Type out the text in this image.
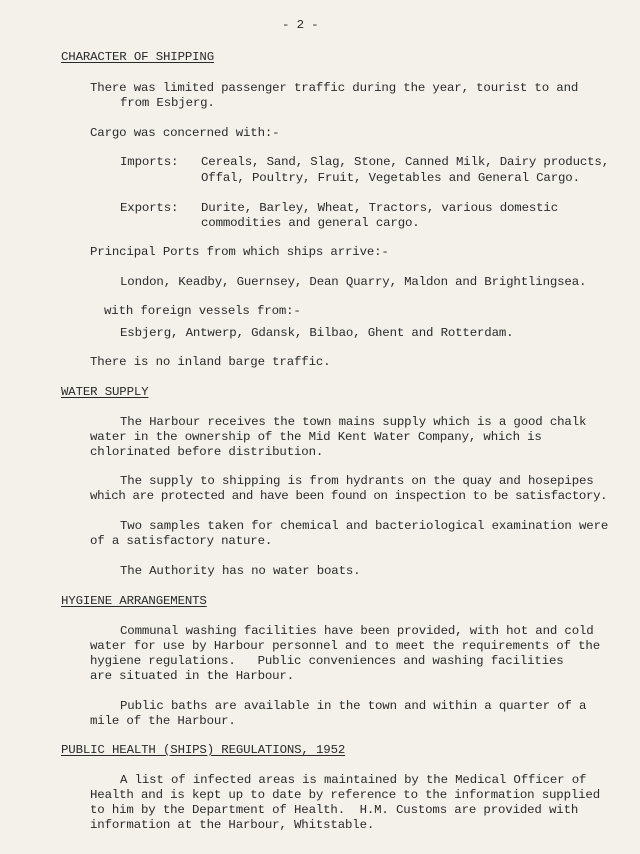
- 2 -
CHARACTER OF SHIPPING
There was limited passenger traffic during the year, tourist to and
from Esbjerg.
Cargo was concerned with:-
Imports: Cereals, Sand, Slag, Stone, Canned Milk, Dairy products,
Offal, Poultry, Fruit, Vegetables and General Cargo.
Exports: Durite, Barley, Wheat, Tractors, various domestic
commodities and general cargo.
Principal Ports from which ships arrive:-
London, Keadby, Guernsey, Dean Quarry, Maldon and Brightlingsea.
with foreign vessels from:-
Esbjerg, Antwerp, Gdansk, Bilbao, Ghent and Rotterdam.
There is no inland barge traffic.
WATER SUPPLY
The Harbour receives the town mains supply which is a good chalk
water in the ownership of the Mid Kent Water Company, which is
chlorinated before distribution.
The supply to shipping is from hydrants on the quay and hosepipes
which are protected and have been found on inspection to be satisfactory.
Two samples taken for chemical and bacteriological examination were
of a satisfactory nature.
The Authority has no water boats.
HYGIENE ARRANGEMENTS
Communal washing facilities have been provided, with hot and cold
water for use by Harbour personnel and to meet the requirements of the
hygiene regulations.   Public conveniences and washing facilities
are situated in the Harbour.
Public baths are available in the town and within a quarter of a
mile of the Harbour.
PUBLIC HEALTH (SHIPS) REGULATIONS, 1952
A list of infected areas is maintained by the Medical Officer of
Health and is kept up to date by reference to the information supplied
to him by the Department of Health.  H.M. Customs are provided with
information at the Harbour, Whitstable.
